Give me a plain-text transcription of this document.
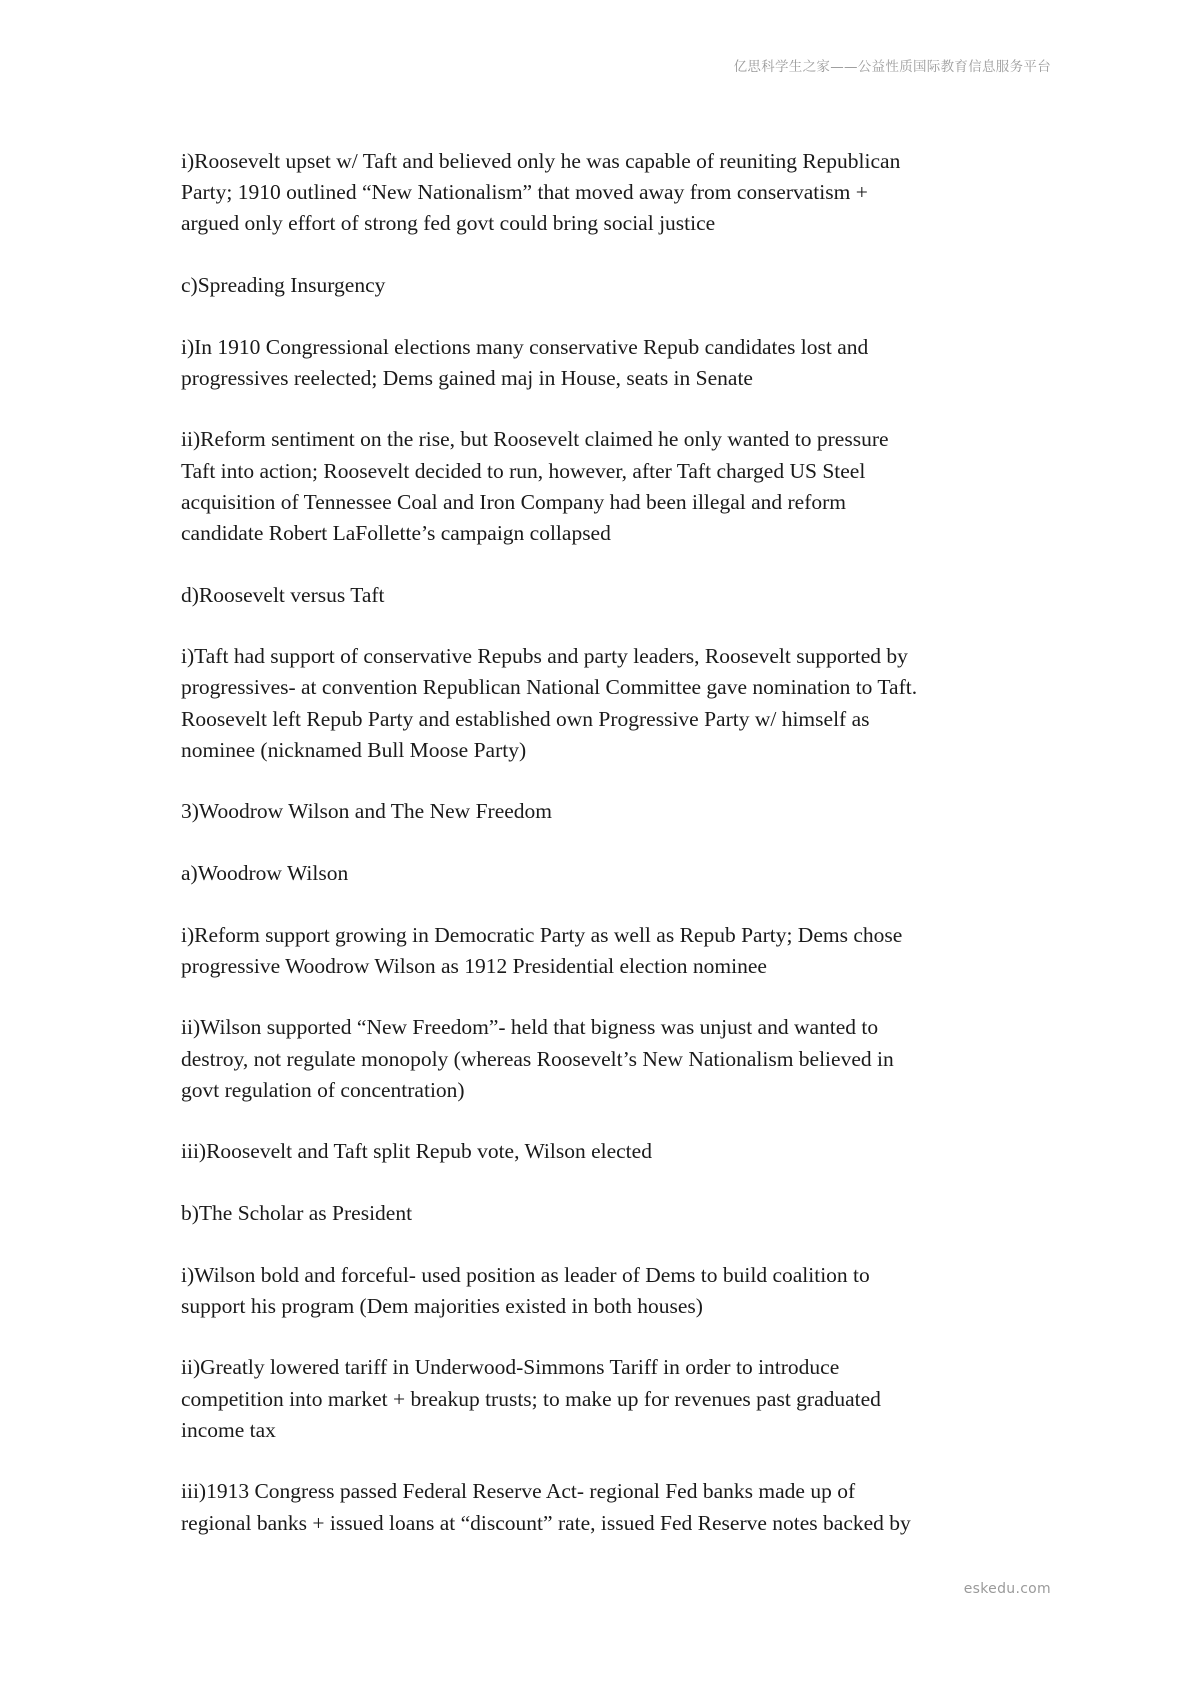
亿思科学生之家——公益性质国际教育信息服务平台

i)Roosevelt upset w/ Taft and believed only he was capable of reuniting Republican
Party; 1910 outlined “New Nationalism” that moved away from conservatism +
argued only effort of strong fed govt could bring social justice

c)Spreading Insurgency

i)In 1910 Congressional elections many conservative Repub candidates lost and
progressives reelected; Dems gained maj in House, seats in Senate

ii)Reform sentiment on the rise, but Roosevelt claimed he only wanted to pressure
Taft into action; Roosevelt decided to run, however, after Taft charged US Steel
acquisition of Tennessee Coal and Iron Company had been illegal and reform
candidate Robert LaFollette’s campaign collapsed

d)Roosevelt versus Taft

i)Taft had support of conservative Repubs and party leaders, Roosevelt supported by
progressives- at convention Republican National Committee gave nomination to Taft.
Roosevelt left Repub Party and established own Progressive Party w/ himself as
nominee (nicknamed Bull Moose Party)

3)Woodrow Wilson and The New Freedom

a)Woodrow Wilson

i)Reform support growing in Democratic Party as well as Repub Party; Dems chose
progressive Woodrow Wilson as 1912 Presidential election nominee

ii)Wilson supported “New Freedom”- held that bigness was unjust and wanted to
destroy, not regulate monopoly (whereas Roosevelt’s New Nationalism believed in
govt regulation of concentration)

iii)Roosevelt and Taft split Repub vote, Wilson elected

b)The Scholar as President

i)Wilson bold and forceful- used position as leader of Dems to build coalition to
support his program (Dem majorities existed in both houses)

ii)Greatly lowered tariff in Underwood-Simmons Tariff in order to introduce
competition into market + breakup trusts; to make up for revenues past graduated
income tax

iii)1913 Congress passed Federal Reserve Act- regional Fed banks made up of
regional banks + issued loans at “discount” rate, issued Fed Reserve notes backed by

eskedu.com
